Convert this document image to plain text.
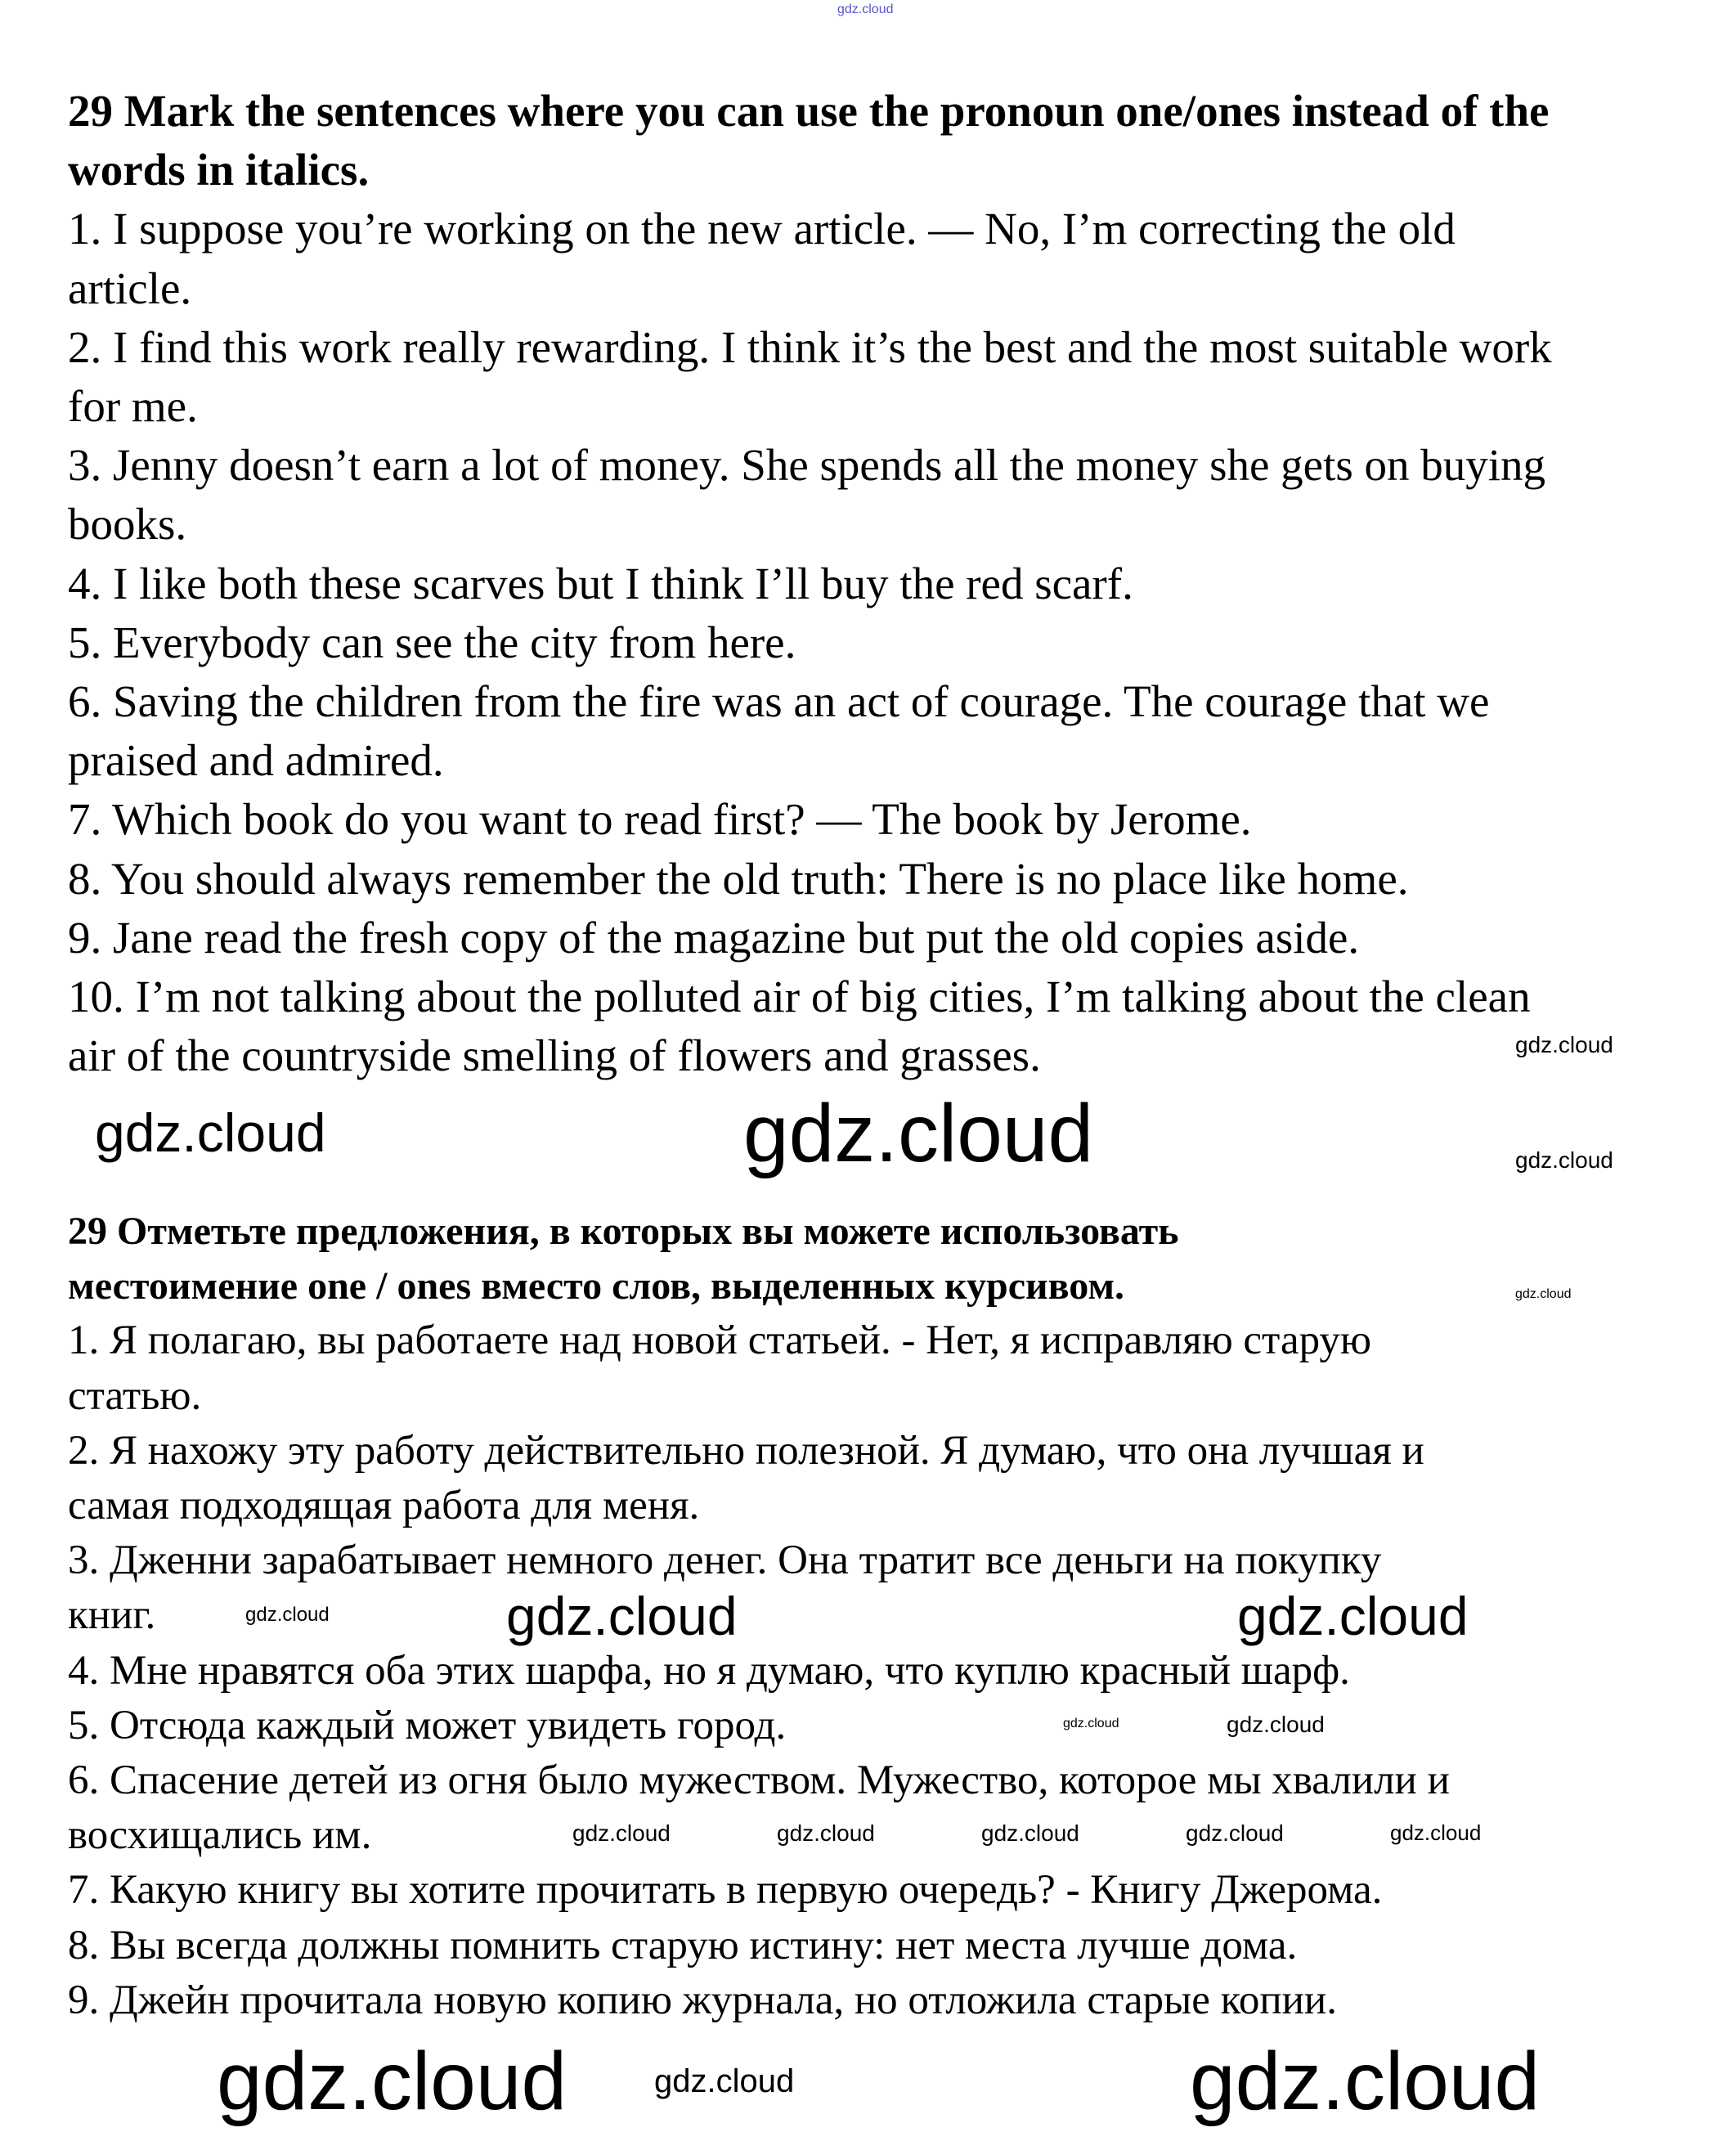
29 Mark the sentences where you can use the pronoun one/ones instead of the
words in italics.
1. I suppose you’re working on the new article. — No, I’m correcting the old
article.
2. I find this work really rewarding. I think it’s the best and the most suitable work
for me.
3. Jenny doesn’t earn a lot of money. She spends all the money she gets on buying
books.
4. I like both these scarves but I think I’ll buy the red scarf.
5. Everybody can see the city from here.
6. Saving the children from the fire was an act of courage. The courage that we
praised and admired.
7. Which book do you want to read first? — The book by Jerome.
8. You should always remember the old truth: There is no place like home.
9. Jane read the fresh copy of the magazine but put the old copies aside.
10. I’m not talking about the polluted air of big cities, I’m talking about the clean
air of the countryside smelling of flowers and grasses.
29 Отметьте предложения, в которых вы можете использовать
местоимение one / ones вместо слов, выделенных курсивом.
1. Я полагаю, вы работаете над новой статьей. - Нет, я исправляю старую
статью.
2. Я нахожу эту работу действительно полезной. Я думаю, что она лучшая и
самая подходящая работа для меня.
3. Дженни зарабатывает немного денег. Она тратит все деньги на покупку
книг.
4. Мне нравятся оба этих шарфа, но я думаю, что куплю красный шарф.
5. Отсюда каждый может увидеть город.
6. Спасение детей из огня было мужеством. Мужество, которое мы хвалили и
восхищались им.
7. Какую книгу вы хотите прочитать в первую очередь? - Книгу Джерома.
8. Вы всегда должны помнить старую истину: нет места лучше дома.
9. Джейн прочитала новую копию журнала, но отложила старые копии.
gdz.cloud
gdz.cloud
gdz.cloud
gdz.cloud
gdz.cloud
gdz.cloud
gdz.cloud	gdz.cloud
gdz.cloud
gdz.cloud	gdz.cloud
gdz.cloud	gdz.cloud	gdz.cloud	gdz.cloud	gdz.cloud
gdz.cloud	gdz.cloud
gdz.cloud
